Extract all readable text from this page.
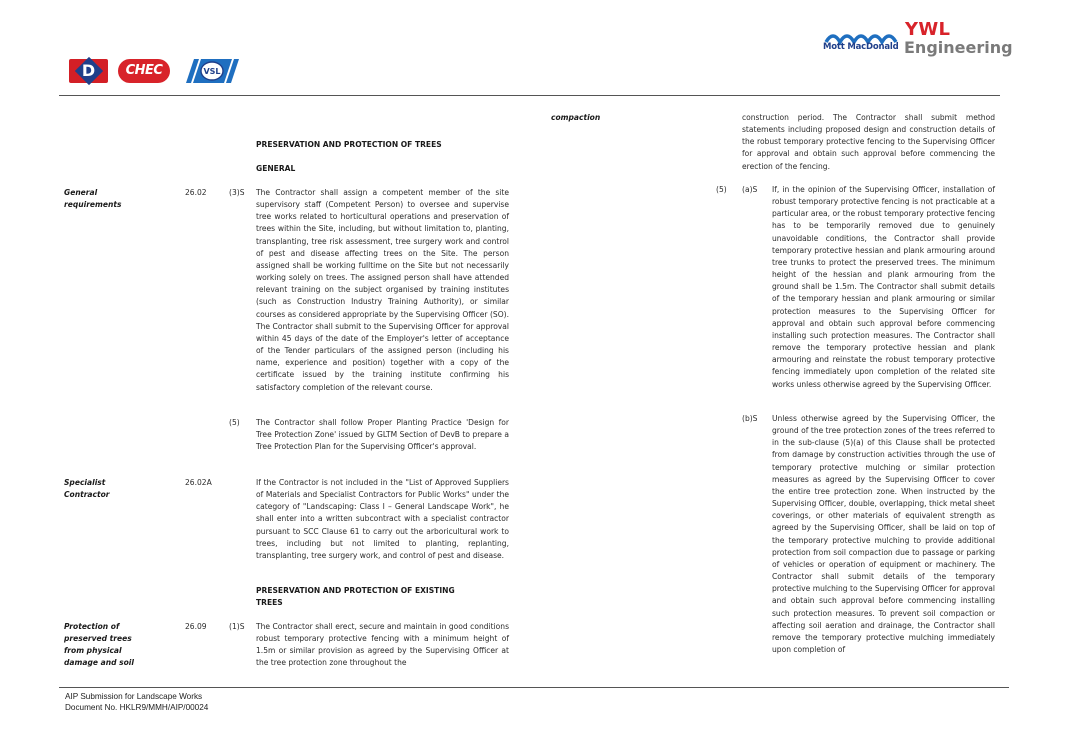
D	CHEC	VSL
Mott MacDonald
YWL
Engineering
PRESERVATION AND PROTECTION OF TREES
GENERAL
General
requirements
26.02	(3)S The Contractor shall assign a competent member of the site supervisory staff (Competent Person) to oversee and supervise tree works related to horticultural operations and preservation of trees within the Site, including, but without limitation to, planting, transplanting, tree risk assessment, tree surgery work and control of pest and disease affecting trees on the Site. The person assigned shall be working fulltime on the Site but not necessarily working solely on trees. The assigned person shall have attended relevant training on the subject organised by training institutes (such as Construction Industry Training Authority), or similar courses as considered appropriate by the Supervising Officer (SO). The Contractor shall submit to the Supervising Officer for approval within 45 days of the date of the Employer's letter of acceptance of the Tender particulars of the assigned person (including his name, experience and position) together with a copy of the certificate issued by the training institute confirming his satisfactory completion of the relevant course.
(5) The Contractor shall follow Proper Planting Practice 'Design for Tree Protection Zone' issued by GLTM Section of DevB to prepare a Tree Protection Plan for the Supervising Officer's approval.
Specialist
Contractor
26.02A	If the Contractor is not included in the "List of Approved Suppliers of Materials and Specialist Contractors for Public Works" under the category of "Landscaping: Class I – General Landscape Work", he shall enter into a written subcontract with a specialist contractor pursuant to SCC Clause 61 to carry out the arboricultural work to trees, including but not limited to planting, replanting, transplanting, tree surgery work, and control of pest and disease.
PRESERVATION AND PROTECTION OF EXISTING
TREES
Protection of
preserved trees
from physical
damage and soil
26.09	(1)S The Contractor shall erect, secure and maintain in good conditions robust temporary protective fencing with a minimum height of 1.5m or similar provision as agreed by the Supervising Officer at the tree protection zone throughout the
compaction	construction period. The Contractor shall submit method statements including proposed design and construction details of the robust temporary protective fencing to the Supervising Officer for approval and obtain such approval before commencing the erection of the fencing.
(5) (a)S If, in the opinion of the Supervising Officer, installation of robust temporary protective fencing is not practicable at a particular area, or the robust temporary protective fencing has to be temporarily removed due to genuinely unavoidable conditions, the Contractor shall provide temporary protective hessian and plank armouring around tree trunks to protect the preserved trees. The minimum height of the hessian and plank armouring from the ground shall be 1.5m. The Contractor shall submit details of the temporary hessian and plank armouring or similar protection measures to the Supervising Officer for approval and obtain such approval before commencing installing such protection measures. The Contractor shall remove the temporary protective hessian and plank armouring and reinstate the robust temporary protective fencing immediately upon completion of the related site works unless otherwise agreed by the Supervising Officer.
(b)S Unless otherwise agreed by the Supervising Officer, the ground of the tree protection zones of the trees referred to in the sub-clause (5)(a) of this Clause shall be protected from damage by construction activities through the use of temporary protective mulching or similar protection measures as agreed by the Supervising Officer to cover the entire tree protection zone. When instructed by the Supervising Officer, double, overlapping, thick metal sheet coverings, or other materials of equivalent strength as agreed by the Supervising Officer, shall be laid on top of the temporary protective mulching to provide additional protection from soil compaction due to passage or parking of vehicles or operation of equipment or machinery. The Contractor shall submit details of the temporary protective mulching to the Supervising Officer for approval and obtain such approval before commencing installing such protection measures. To prevent soil compaction or affecting soil aeration and drainage, the Contractor shall remove the temporary protective mulching immediately upon completion of
AIP Submission for Landscape Works
Document No. HKLR9/MMH/AIP/00024
